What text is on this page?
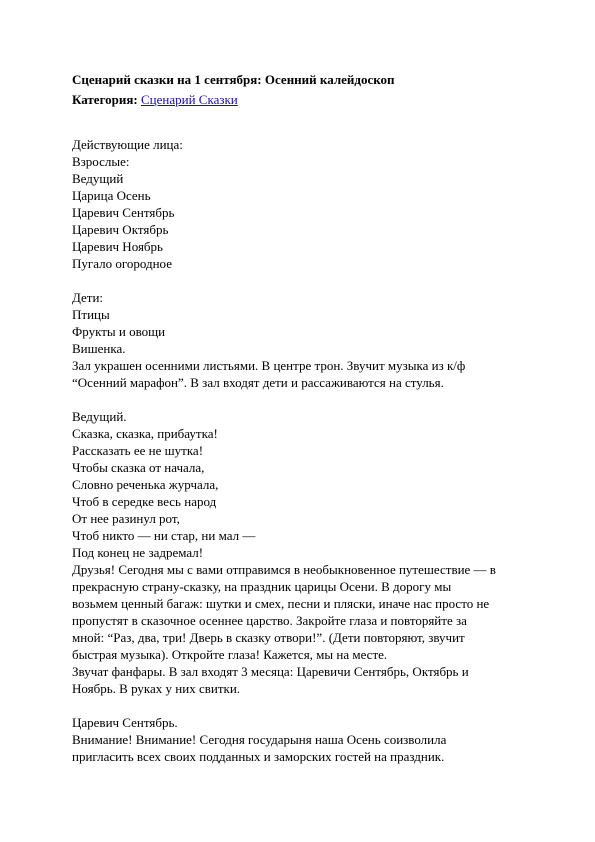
Сценарий сказки на 1 сентября: Осенний калейдоскоп
Категория: Сценарий Сказки
Действующие лица:
Взрослые:
Ведущий
Царица Осень
Царевич Сентябрь
Царевич Октябрь
Царевич Ноябрь
Пугало огородное
Дети:
Птицы
Фрукты и овощи
Вишенка.
Зал украшен осенними листьями. В центре трон. Звучит музыка из к/ф
“Осенний марафон”. В зал входят дети и рассаживаются на стулья.
Ведущий.
Сказка, сказка, прибаутка!
Рассказать ее не шутка!
Чтобы сказка от начала,
Словно реченька журчала,
Чтоб в середке весь народ
От нее разинул рот,
Чтоб никто — ни стар, ни мал —
Под конец не задремал!
Друзья! Сегодня мы с вами отправимся в необыкновенное путешествие — в
прекрасную страну-сказку, на праздник царицы Осени. В дорогу мы
возьмем ценный багаж: шутки и смех, песни и пляски, иначе нас просто не
пропустят в сказочное осеннее царство. Закройте глаза и повторяйте за
мной: “Раз, два, три! Дверь в сказку отвори!”. (Дети повторяют, звучит
быстрая музыка). Откройте глаза! Кажется, мы на месте.
Звучат фанфары. В зал входят 3 месяца: Царевичи Сентябрь, Октябрь и
Ноябрь. В руках у них свитки.
Царевич Сентябрь.
Внимание! Внимание! Сегодня государыня наша Осень соизволила
пригласить всех своих подданных и заморских гостей на праздник.
